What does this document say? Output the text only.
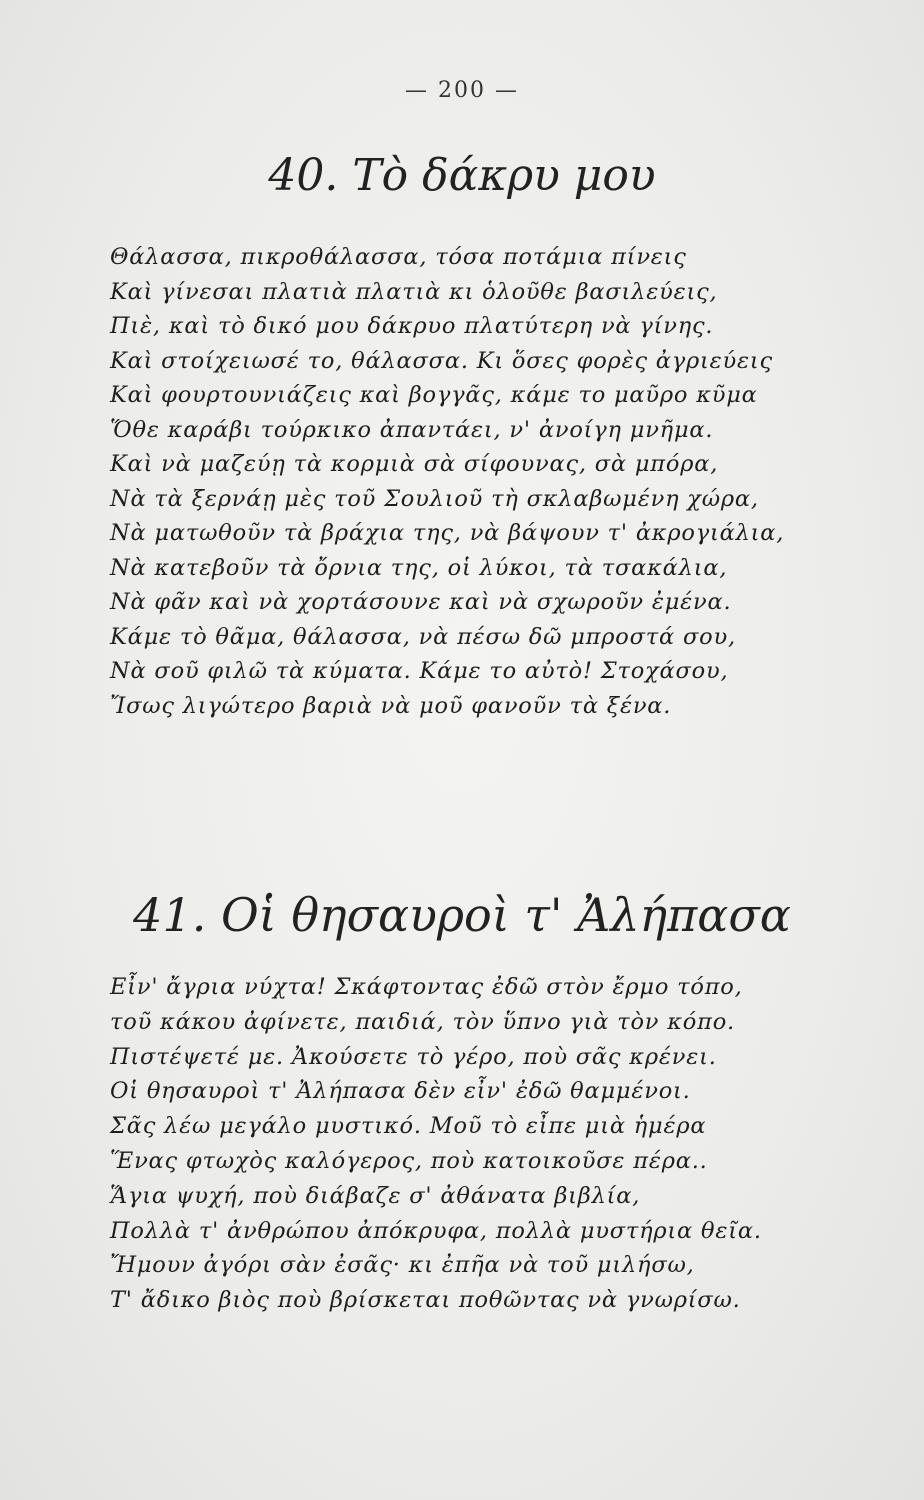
— 200 —
40. Τὸ δάκρυ μου
Θάλασσα, πικροθάλασσα, τόσα ποτάμια πίνεις
Καὶ γίνεσαι πλατιὰ πλατιὰ κι ὁλοῦθε βασιλεύεις,
Πιὲ, καὶ τὸ δικό μου δάκρυο πλατύτερη νὰ γίνης.
Καὶ στοίχειωσέ το, θάλασσα. Κι ὅσες φορὲς ἀγριεύεις
Καὶ φουρτουνιάζεις καὶ βογγᾶς, κάμε το μαῦρο κῦμα
Ὅθε καράβι τούρκικο ἀπαντάει, ν' ἀνοίγη μνῆμα.
Καὶ νὰ μαζεύῃ τὰ κορμιὰ σὰ σίφουνας, σὰ μπόρα,
Νὰ τὰ ξερνάῃ μὲς τοῦ Σουλιοῦ τὴ σκλαβωμένη χώρα,
Νὰ ματωθοῦν τὰ βράχια της, νὰ βάψουν τ' ἀκρογιάλια,
Νὰ κατεβοῦν τὰ ὄρνια της, οἱ λύκοι, τὰ τσακάλια,
Νὰ φᾶν καὶ νὰ χορτάσουνε καὶ νὰ σχωροῦν ἐμένα.
Κάμε τὸ θᾶμα, θάλασσα, νὰ πέσω δῶ μπροστά σου,
Νὰ σοῦ φιλῶ τὰ κύματα. Κάμε το αὐτὸ! Στοχάσου,
Ἴσως λιγώτερο βαριὰ νὰ μοῦ φανοῦν τὰ ξένα.
41. Οἱ θησαυροὶ τ' Ἀλήπασα
Εἶν' ἄγρια νύχτα! Σκάφτοντας ἐδῶ στὸν ἔρμο τόπο,
τοῦ κάκου ἀφίνετε, παιδιά, τὸν ὕπνο γιὰ τὸν κόπο.
Πιστέψετέ με. Ἀκούσετε τὸ γέρο, ποὺ σᾶς κρένει.
Οἱ θησαυροὶ τ' Ἀλήπασα δὲν εἶν' ἐδῶ θαμμένοι.
Σᾶς λέω μεγάλο μυστικό. Μοῦ τὸ εἶπε μιὰ ἡμέρα
Ἕνας φτωχὸς καλόγερος, ποὺ κατοικοῦσε πέρα..
Ἅγια ψυχή, ποὺ διάβαζε σ' ἀθάνατα βιβλία,
Πολλὰ τ' ἀνθρώπου ἀπόκρυφα, πολλὰ μυστήρια θεῖα.
Ἤμουν ἀγόρι σὰν ἐσᾶς· κι ἐπῆα νὰ τοῦ μιλήσω,
Τ' ἄδικο βιὸς ποὺ βρίσκεται ποθῶντας νὰ γνωρίσω.
